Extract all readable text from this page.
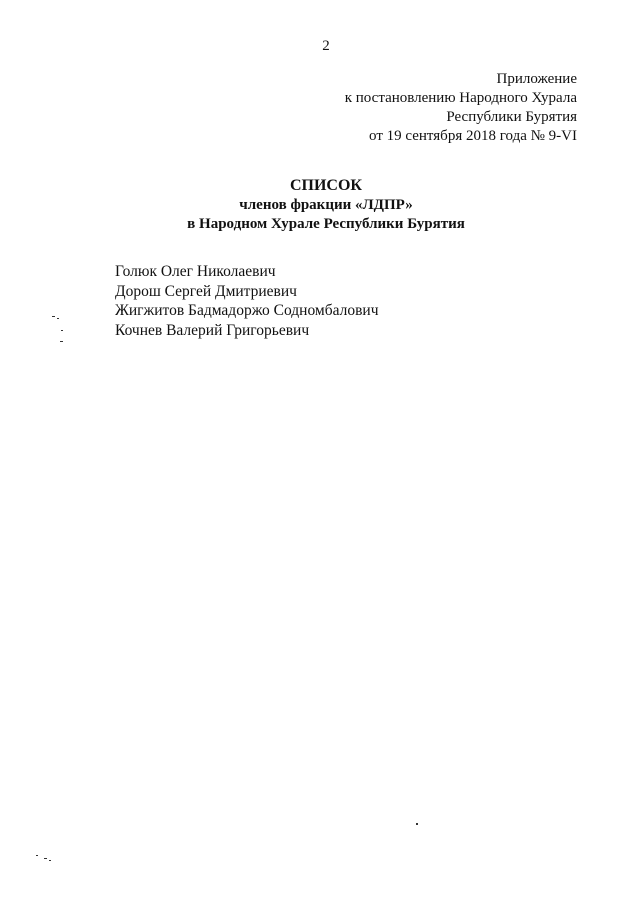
2
Приложение
к постановлению Народного Хурала
Республики Бурятия
от 19 сентября 2018 года № 9-VI
СПИСОК
членов фракции «ЛДПР»
в Народном Хурале Республики Бурятия
Голюк Олег Николаевич
Дорош Сергей Дмитриевич
Жигжитов Бадмадоржо Содномбалович
Кочнев Валерий Григорьевич
